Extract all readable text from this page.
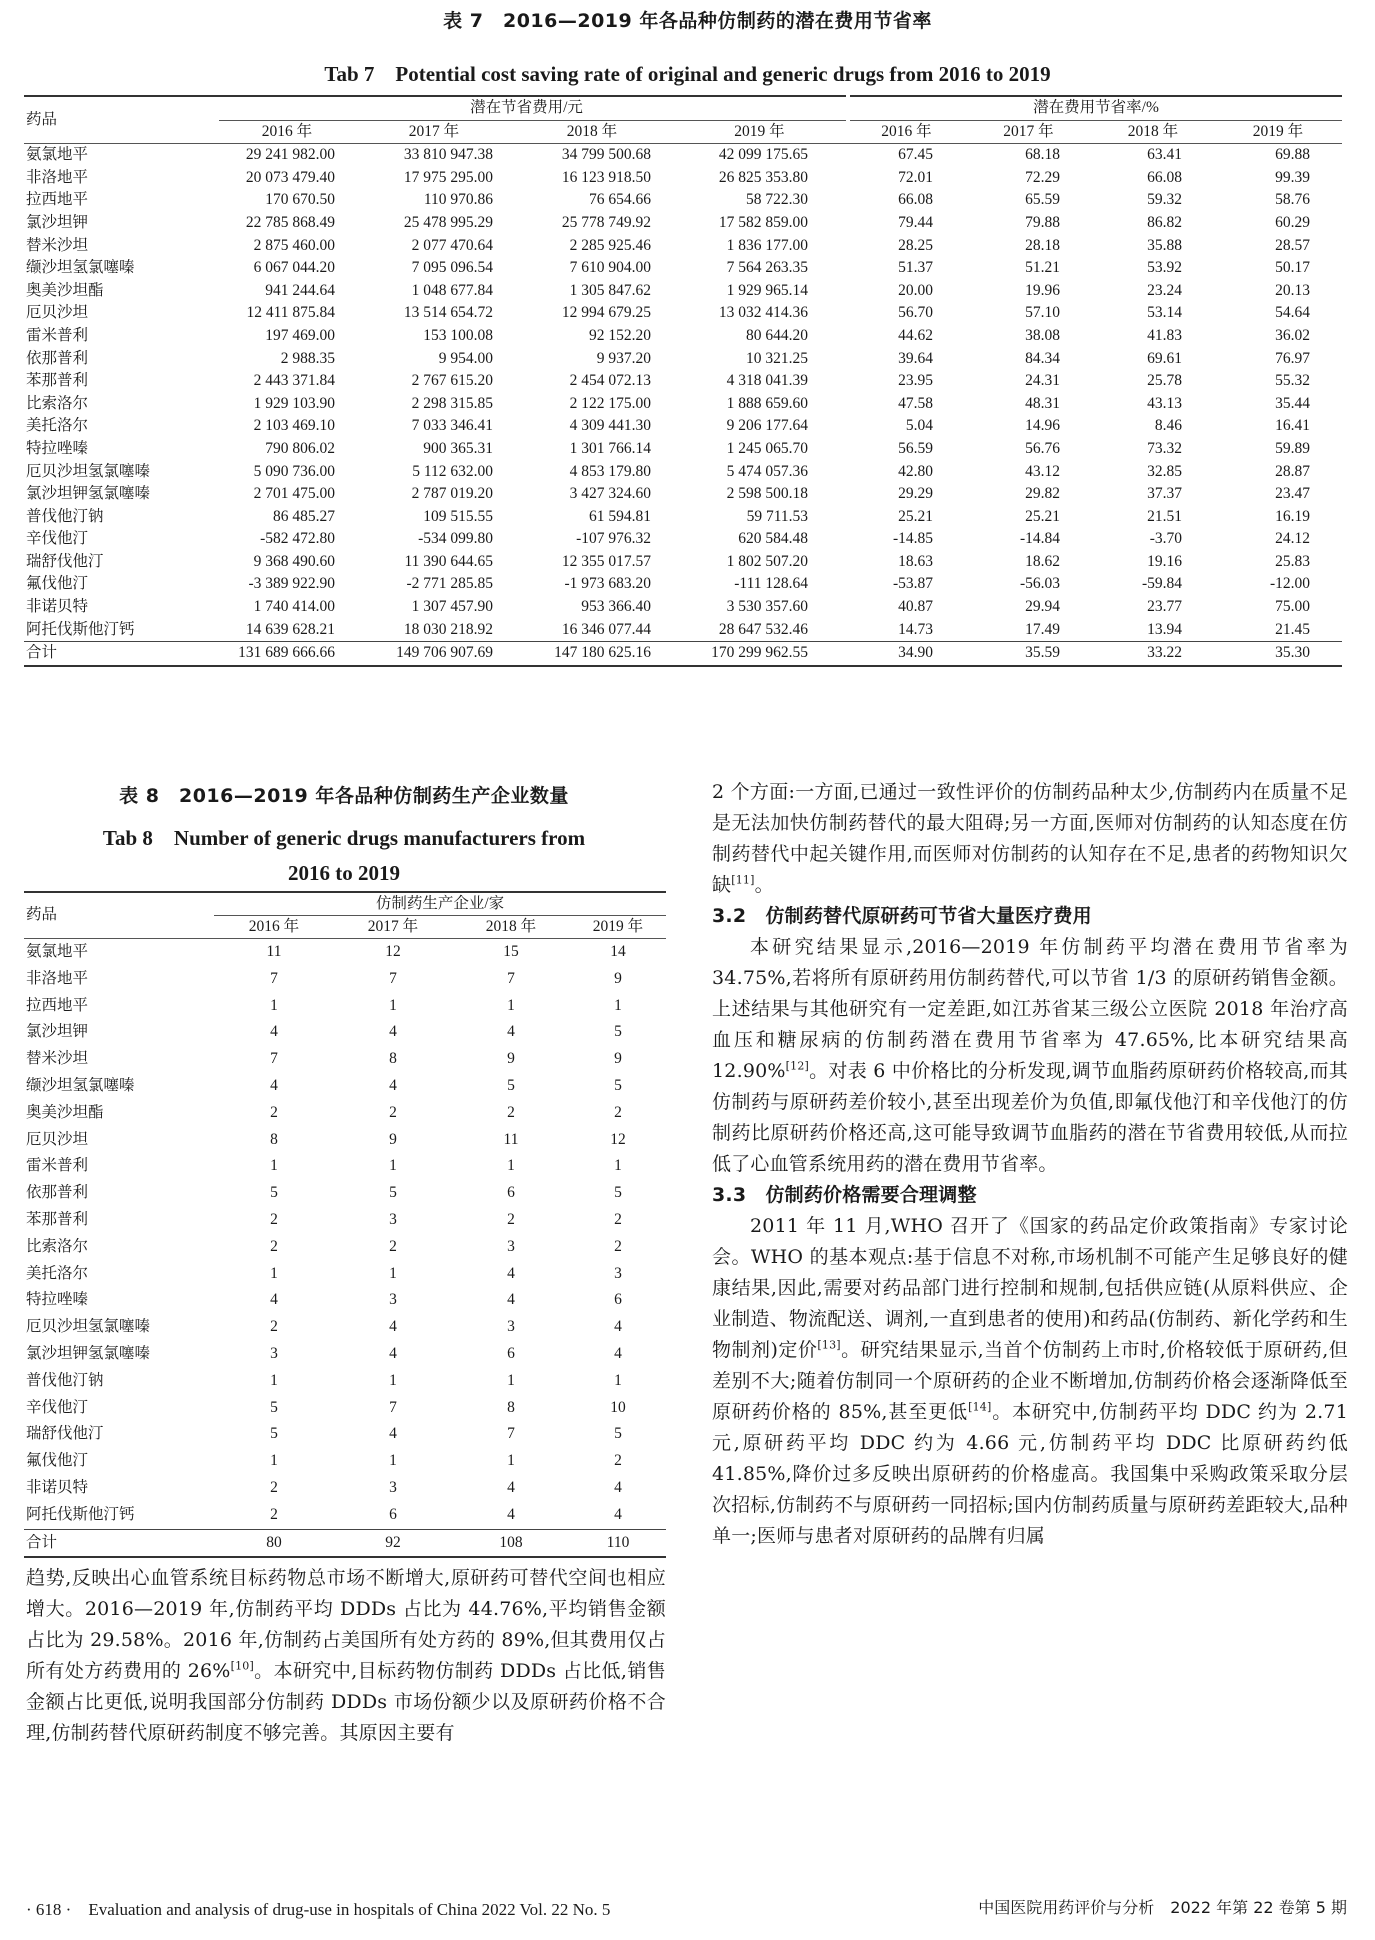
表 7　2016—2019 年各品种仿制药的潜在费用节省率
Tab 7　Potential cost saving rate of original and generic drugs from 2016 to 2019
药品	潜在节省费用/元				潜在费用节省率/%			
	2016 年	2017 年	2018 年	2019 年	2016 年	2017 年	2018 年	2019 年
氨氯地平	29 241 982.00	33 810 947.38	34 799 500.68	42 099 175.65	67.45	68.18	63.41	69.88
非洛地平	20 073 479.40	17 975 295.00	16 123 918.50	26 825 353.80	72.01	72.29	66.08	99.39
拉西地平	170 670.50	110 970.86	76 654.66	58 722.30	66.08	65.59	59.32	58.76
氯沙坦钾	22 785 868.49	25 478 995.29	25 778 749.92	17 582 859.00	79.44	79.88	86.82	60.29
替米沙坦	2 875 460.00	2 077 470.64	2 285 925.46	1 836 177.00	28.25	28.18	35.88	28.57
缬沙坦氢氯噻嗪	6 067 044.20	7 095 096.54	7 610 904.00	7 564 263.35	51.37	51.21	53.92	50.17
奥美沙坦酯	941 244.64	1 048 677.84	1 305 847.62	1 929 965.14	20.00	19.96	23.24	20.13
厄贝沙坦	12 411 875.84	13 514 654.72	12 994 679.25	13 032 414.36	56.70	57.10	53.14	54.64
雷米普利	197 469.00	153 100.08	92 152.20	80 644.20	44.62	38.08	41.83	36.02
依那普利	2 988.35	9 954.00	9 937.20	10 321.25	39.64	84.34	69.61	76.97
苯那普利	2 443 371.84	2 767 615.20	2 454 072.13	4 318 041.39	23.95	24.31	25.78	55.32
比索洛尔	1 929 103.90	2 298 315.85	2 122 175.00	1 888 659.60	47.58	48.31	43.13	35.44
美托洛尔	2 103 469.10	7 033 346.41	4 309 441.30	9 206 177.64	5.04	14.96	8.46	16.41
特拉唑嗪	790 806.02	900 365.31	1 301 766.14	1 245 065.70	56.59	56.76	73.32	59.89
厄贝沙坦氢氯噻嗪	5 090 736.00	5 112 632.00	4 853 179.80	5 474 057.36	42.80	43.12	32.85	28.87
氯沙坦钾氢氯噻嗪	2 701 475.00	2 787 019.20	3 427 324.60	2 598 500.18	29.29	29.82	37.37	23.47
普伐他汀钠	86 485.27	109 515.55	61 594.81	59 711.53	25.21	25.21	21.51	16.19
辛伐他汀	-582 472.80	-534 099.80	-107 976.32	620 584.48	-14.85	-14.84	-3.70	24.12
瑞舒伐他汀	9 368 490.60	11 390 644.65	12 355 017.57	1 802 507.20	18.63	18.62	19.16	25.83
氟伐他汀	-3 389 922.90	-2 771 285.85	-1 973 683.20	-111 128.64	-53.87	-56.03	-59.84	-12.00
非诺贝特	1 740 414.00	1 307 457.90	953 366.40	3 530 357.60	40.87	29.94	23.77	75.00
阿托伐斯他汀钙	14 639 628.21	18 030 218.92	16 346 077.44	28 647 532.46	14.73	17.49	13.94	21.45
合计	131 689 666.66	149 706 907.69	147 180 625.16	170 299 962.55	34.90	35.59	33.22	35.30
表 8　2016—2019 年各品种仿制药生产企业数量
Tab 8　Number of generic drugs manufacturers from
2016 to 2019
药品	仿制药生产企业/家			
	2016 年	2017 年	2018 年	2019 年
氨氯地平	11	12	15	14
非洛地平	7	7	7	9
拉西地平	1	1	1	1
氯沙坦钾	4	4	4	5
替米沙坦	7	8	9	9
缬沙坦氢氯噻嗪	4	4	5	5
奥美沙坦酯	2	2	2	2
厄贝沙坦	8	9	11	12
雷米普利	1	1	1	1
依那普利	5	5	6	5
苯那普利	2	3	2	2
比索洛尔	2	2	3	2
美托洛尔	1	1	4	3
特拉唑嗪	4	3	4	6
厄贝沙坦氢氯噻嗪	2	4	3	4
氯沙坦钾氢氯噻嗪	3	4	6	4
普伐他汀钠	1	1	1	1
辛伐他汀	5	7	8	10
瑞舒伐他汀	5	4	7	5
氟伐他汀	1	1	1	2
非诺贝特	2	3	4	4
阿托伐斯他汀钙	2	6	4	4
合计	80	92	108	110

趋势,反映出心血管系统目标药物总市场不断增大,原研药可替代空间也相应增大。2016—2019 年,仿制药平均 DDDs 占比为 44.76%,平均销售金额占比为 29.58%。2016 年,仿制药占美国所有处方药的 89%,但其费用仅占所有处方药费用的 26%[10]。本研究中,目标药物仿制药 DDDs 占比低,销售金额占比更低,说明我国部分仿制药 DDDs 市场份额少以及原研药价格不合理,仿制药替代原研药制度不够完善。其原因主要有

2 个方面:一方面,已通过一致性评价的仿制药品种太少,仿制药内在质量不足是无法加快仿制药替代的最大阻碍;另一方面,医师对仿制药的认知态度在仿制药替代中起关键作用,而医师对仿制药的认知存在不足,患者的药物知识欠缺[11]。

3.2　仿制药替代原研药可节省大量医疗费用

本研究结果显示,2016—2019 年仿制药平均潜在费用节省率为 34.75%,若将所有原研药用仿制药替代,可以节省 1/3 的原研药销售金额。上述结果与其他研究有一定差距,如江苏省某三级公立医院 2018 年治疗高血压和糖尿病的仿制药潜在费用节省率为 47.65%,比本研究结果高 12.90%[12]。对表 6 中价格比的分析发现,调节血脂药原研药价格较高,而其仿制药与原研药差价较小,甚至出现差价为负值,即氟伐他汀和辛伐他汀的仿制药比原研药价格还高,这可能导致调节血脂药的潜在节省费用较低,从而拉低了心血管系统用药的潜在费用节省率。

3.3　仿制药价格需要合理调整

2011 年 11 月,WHO 召开了《国家的药品定价政策指南》专家讨论会。WHO 的基本观点:基于信息不对称,市场机制不可能产生足够良好的健康结果,因此,需要对药品部门进行控制和规制,包括供应链(从原料供应、企业制造、物流配送、调剂,一直到患者的使用)和药品(仿制药、新化学药和生物制剂)定价[13]。研究结果显示,当首个仿制药上市时,价格较低于原研药,但差别不大;随着仿制同一个原研药的企业不断增加,仿制药价格会逐渐降低至原研药价格的 85%,甚至更低[14]。本研究中,仿制药平均 DDC 约为 2.71 元,原研药平均 DDC 约为 4.66 元,仿制药平均 DDC 比原研药约低 41.85%,降价过多反映出原研药的价格虚高。我国集中采购政策采取分层次招标,仿制药不与原研药一同招标;国内仿制药质量与原研药差距较大,品种单一;医师与患者对原研药的品牌有归属

· 618 ·　Evaluation and analysis of drug-use in hospitals of China 2022 Vol. 22 No. 5	中国医院用药评价与分析　2022 年第 22 卷第 5 期
